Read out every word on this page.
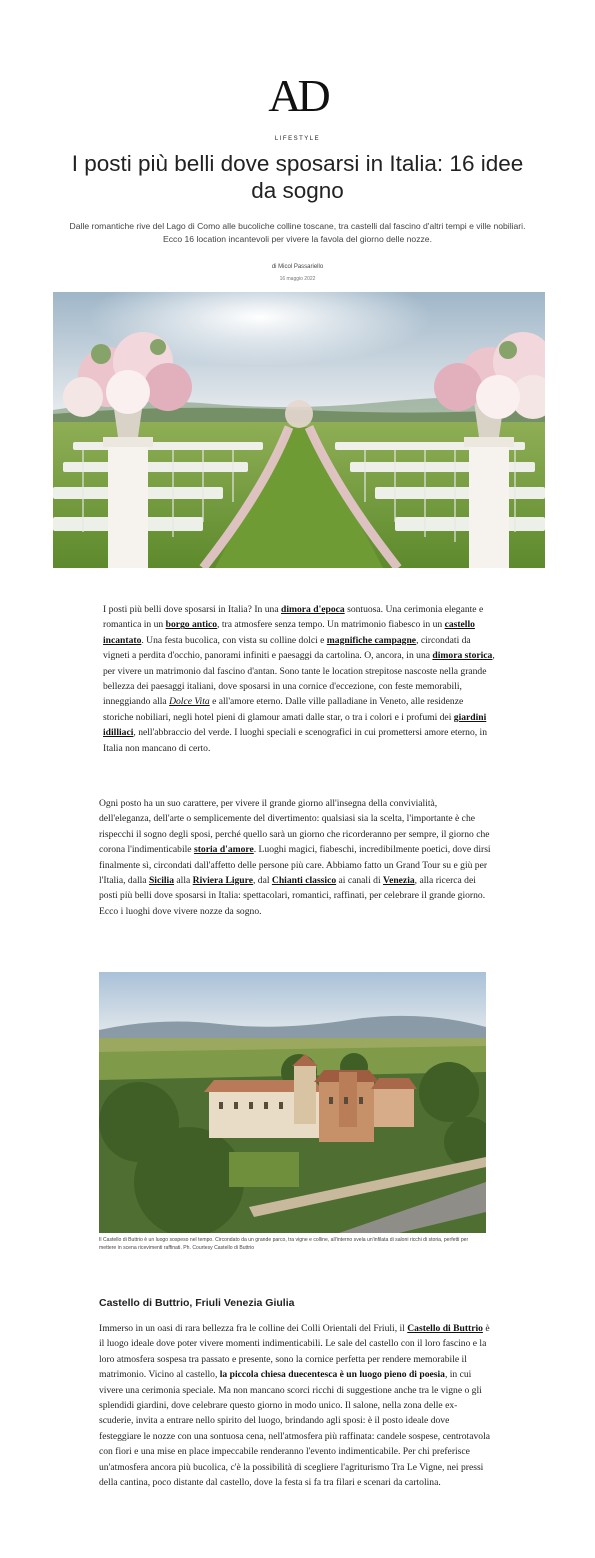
AD
LIFESTYLE
I posti più belli dove sposarsi in Italia: 16 idee da sogno

Dalle romantiche rive del Lago di Como alle bucoliche colline toscane, tra castelli dal fascino d'altri tempi e ville nobiliari. Ecco 16 location incantevoli per vivere la favola del giorno delle nozze.

di Micol Passariello
16 maggio 2022

I posti più belli dove sposarsi in Italia? In una dimora d'epoca sontuosa. Una cerimonia elegante e romantica in un borgo antico, tra atmosfere senza tempo. Un matrimonio fiabesco in un castello incantato. Una festa bucolica, con vista su colline dolci e magnifiche campagne, circondati da vigneti a perdita d'occhio, panorami infiniti e paesaggi da cartolina. O, ancora, in una dimora storica, per vivere un matrimonio dal fascino d'antan. Sono tante le location strepitose nascoste nella grande bellezza dei paesaggi italiani, dove sposarsi in una cornice d'eccezione, con feste memorabili, inneggiando alla Dolce Vita e all'amore eterno. Dalle ville palladiane in Veneto, alle residenze storiche nobiliari, negli hotel pieni di glamour amati dalle star, o tra i colori e i profumi dei giardini idilliaci, nell'abbraccio del verde. I luoghi speciali e scenografici in cui promettersi amore eterno, in Italia non mancano di certo.

Ogni posto ha un suo carattere, per vivere il grande giorno all'insegna della convivialità, dell'eleganza, dell'arte o semplicemente del divertimento: qualsiasi sia la scelta, l'importante è che rispecchi il sogno degli sposi, perché quello sarà un giorno che ricorderanno per sempre, il giorno che corona l'indimenticabile storia d'amore. Luoghi magici, fiabeschi, incredibilmente poetici, dove dirsi finalmente sì, circondati dall'affetto delle persone più care. Abbiamo fatto un Grand Tour su e giù per l'Italia, dalla Sicilia alla Riviera Ligure, dal Chianti classico ai canali di Venezia, alla ricerca dei posti più belli dove sposarsi in Italia: spettacolari, romantici, raffinati, per celebrare il grande giorno. Ecco i luoghi dove vivere nozze da sogno.

Il Castello di Buttrio è un luogo sospeso nel tempo. Circondato da un grande parco, tra vigne e colline, all'interno svela un'infilata di saloni ricchi di storia, perfetti per mettere in scena ricevimenti raffinati. Ph. Courtesy Castello di Buttrio

Castello di Buttrio, Friuli Venezia Giulia

Immerso in un oasi di rara bellezza fra le colline dei Colli Orientali del Friuli, il Castello di Buttrio è il luogo ideale dove poter vivere momenti indimenticabili. Le sale del castello con il loro fascino e la loro atmosfera sospesa tra passato e presente, sono la cornice perfetta per rendere memorabile il matrimonio. Vicino al castello, la piccola chiesa duecentesca è un luogo pieno di poesia, in cui vivere una cerimonia speciale. Ma non mancano scorci ricchi di suggestione anche tra le vigne o gli splendidi giardini, dove celebrare questo giorno in modo unico. Il salone, nella zona delle ex-scuderie, invita a entrare nello spirito del luogo, brindando agli sposi: è il posto ideale dove festeggiare le nozze con una sontuosa cena, nell'atmosfera più raffinata: candele sospese, centrotavola con fiori e una mise en place impeccabile renderanno l'evento indimenticabile. Per chi preferisce un'atmosfera ancora più bucolica, c'è la possibilità di scegliere l'agriturismo Tra Le Vigne, nei pressi della cantina, poco distante dal castello, dove la festa si fa tra filari e scenari da cartolina.
